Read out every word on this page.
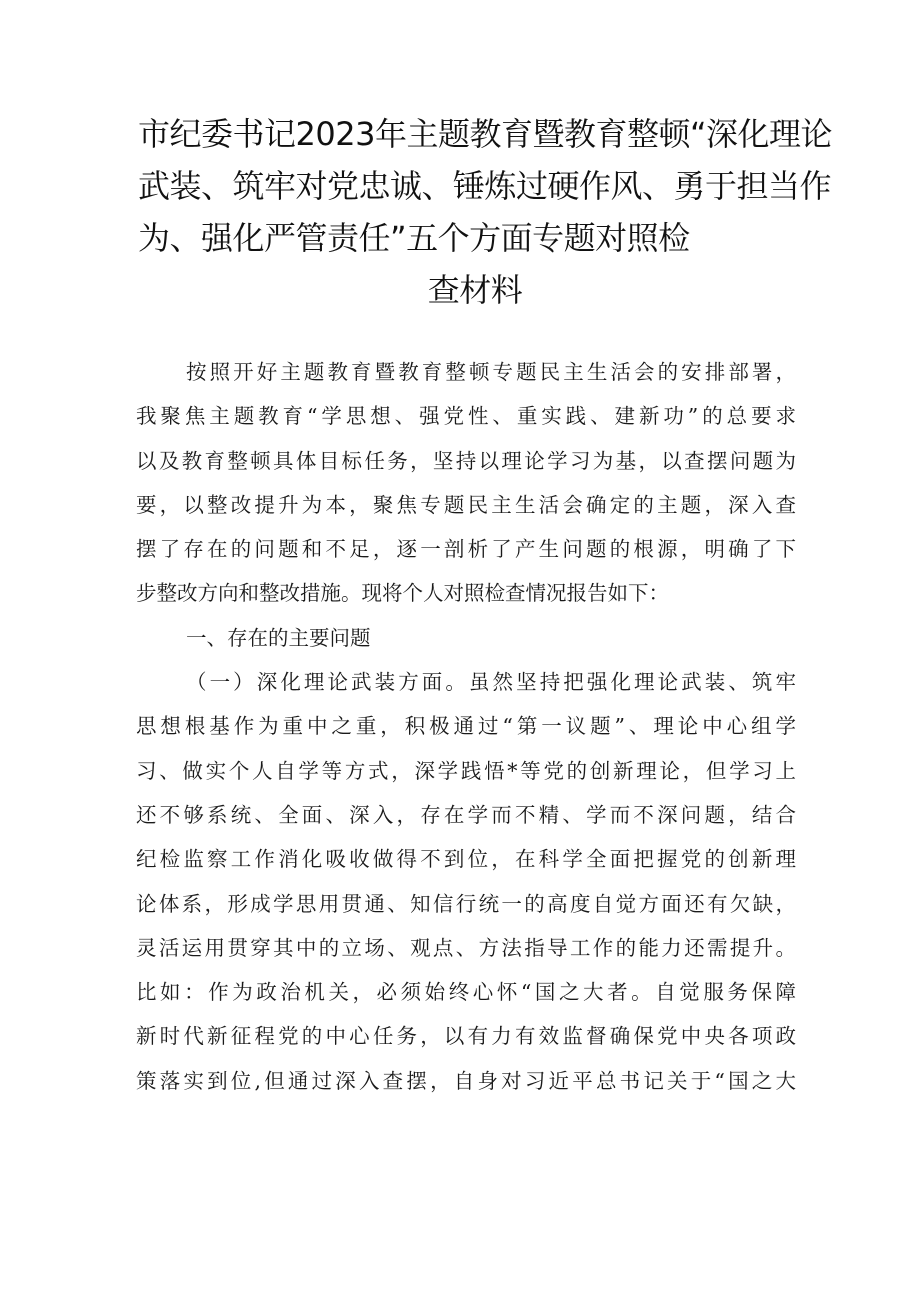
市纪委书记2023年主题教育暨教育整顿“深化理论
武装、筑牢对党忠诚、锤炼过硬作风、勇于担当作
为、强化严管责任”五个方面专题对照检
查材料
按照开好主题教育暨教育整顿专题民主生活会的安排部署，
我聚焦主题教育“学思想、强党性、重实践、建新功”的总要求
以及教育整顿具体目标任务，坚持以理论学习为基，以查摆问题为
要，以整改提升为本，聚焦专题民主生活会确定的主题，深入查
摆了存在的问题和不足，逐一剖析了产生问题的根源，明确了下
步整改方向和整改措施。现将个人对照检查情况报告如下：
一、存在的主要问题
（一）深化理论武装方面。虽然坚持把强化理论武装、筑牢
思想根基作为重中之重，积极通过“第一议题”、理论中心组学
习、做实个人自学等方式，深学践悟*等党的创新理论，但学习上
还不够系统、全面、深入，存在学而不精、学而不深问题，结合
纪检监察工作消化吸收做得不到位，在科学全面把握党的创新理
论体系，形成学思用贯通、知信行统一的高度自觉方面还有欠缺，
灵活运用贯穿其中的立场、观点、方法指导工作的能力还需提升。
比如：作为政治机关，必须始终心怀“国之大者。自觉服务保障
新时代新征程党的中心任务，以有力有效监督确保党中央各项政
策落实到位,但通过深入查摆，自身对习近平总书记关于“国之大
